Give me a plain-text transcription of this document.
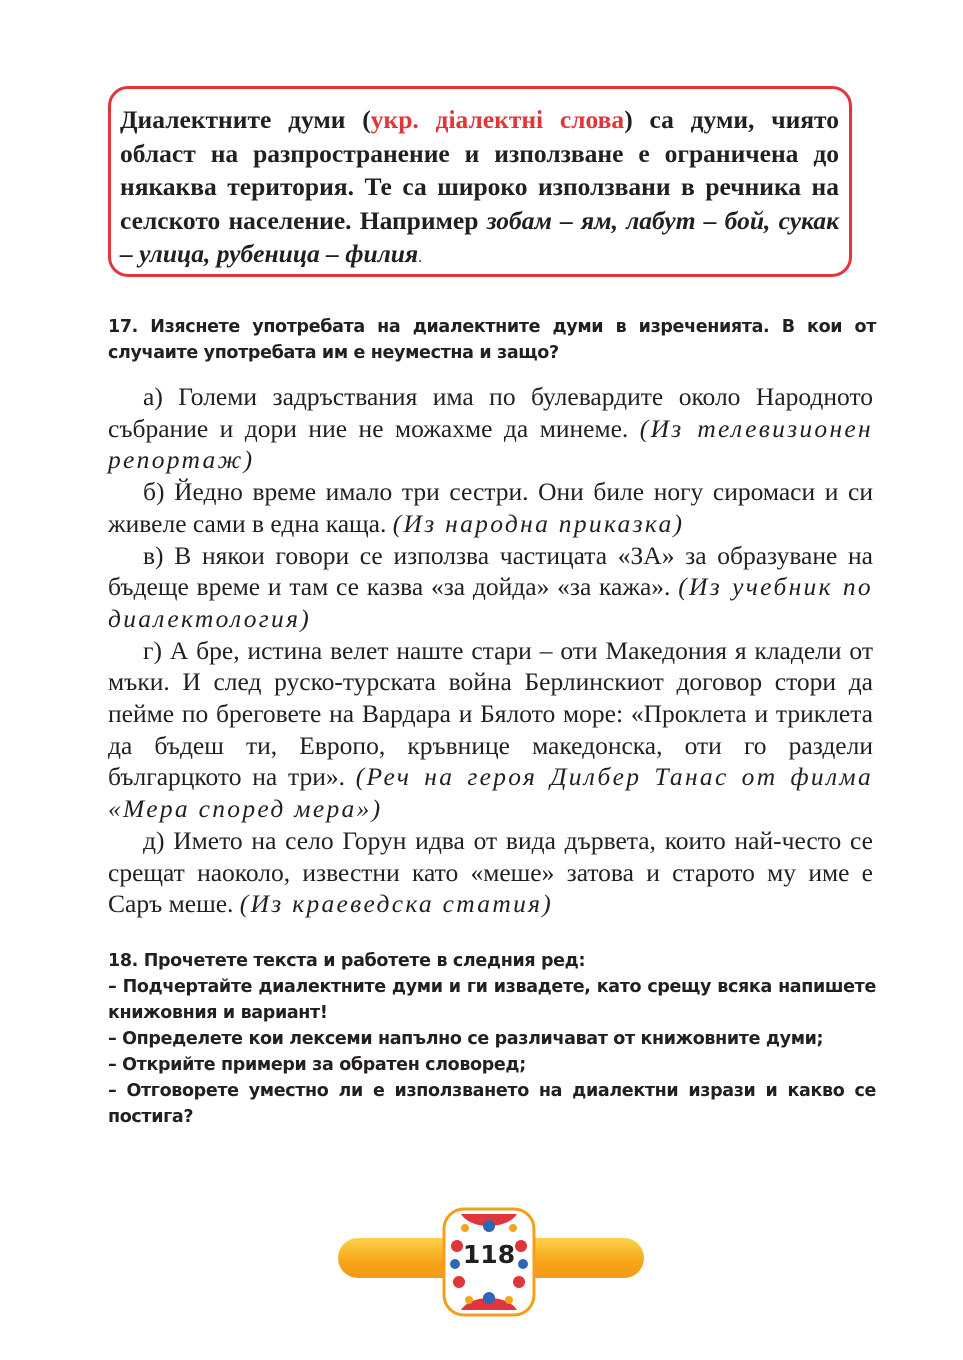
Диалектните думи (укр. діалектні слова) са думи, чиято област на разпространение и използване е ограничена до някаква територия. Те са широко използвани в речника на селското население. Например зобам – ям, лабут – бой, сукак – улица, рубеница – филия.
17. Изяснете употребата на диалектните думи в изреченията. В кои от случаите употребата им е неуместна и защо?

а) Големи задръствания има по булевардите около Народното събрание и дори ние не можахме да минеме. (Из телевизионен репортаж)

б) Йедно време имало три сестри. Они биле ногу сиромаси и си живеле сами в една каща. (Из народна приказка)

в) В някои говори се използва частицата «ЗА» за образуване на бъдеще време и там се казва «за дойда» «за кажа». (Из учебник по диалектология)

г) А бре, истина велет наште стари – оти Македония я кладели от мъки. И след руско-турската война Берлинскиот договор стори да пейме по бреговете на Вардара и Бялото море: «Проклета и триклета да бъдеш ти, Европо, кръвнице македонска, оти го раздели българцкото на три». (Реч на героя Дилбер Танас от филма «Мера според мера»)

д) Името на село Горун идва от вида дървета, които най-често се срещат наоколо, известни като «меше» затова и старото му име е Саръ меше. (Из краеведска статия)

18. Прочетете текста и работете в следния ред:
– Подчертайте диалектните думи и ги извадете, като срещу всяка напишете книжовния и вариант!
– Определете кои лексеми напълно се различават от книжовните думи;
– Открийте примери за обратен словоред;
– Отговорете уместно ли е използването на диалектни изрази и какво се постига?
118
